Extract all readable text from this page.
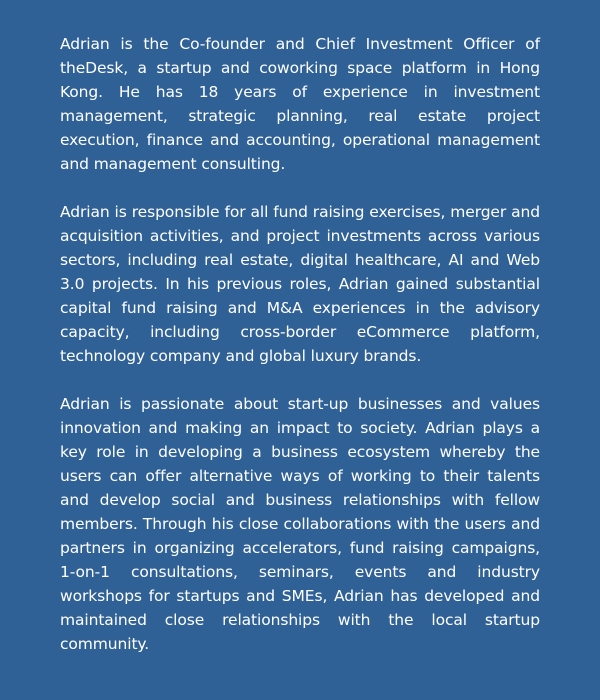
Adrian is the Co-founder and Chief Investment Officer of theDesk, a startup and coworking space platform in Hong Kong. He has 18 years of experience in investment management, strategic planning, real estate project execution, finance and accounting, operational management and management consulting.

Adrian is responsible for all fund raising exercises, merger and acquisition activities, and project investments across various sectors, including real estate, digital healthcare, AI and Web 3.0 projects. In his previous roles, Adrian gained substantial capital fund raising and M&A experiences in the advisory capacity, including cross-border eCommerce platform, technology company and global luxury brands.

Adrian is passionate about start-up businesses and values innovation and making an impact to society. Adrian plays a key role in developing a business ecosystem whereby the users can offer alternative ways of working to their talents and develop social and business relationships with fellow members. Through his close collaborations with the users and partners in organizing accelerators, fund raising campaigns, 1-on-1 consultations, seminars, events and industry workshops for startups and SMEs, Adrian has developed and maintained close relationships with the local startup community.
